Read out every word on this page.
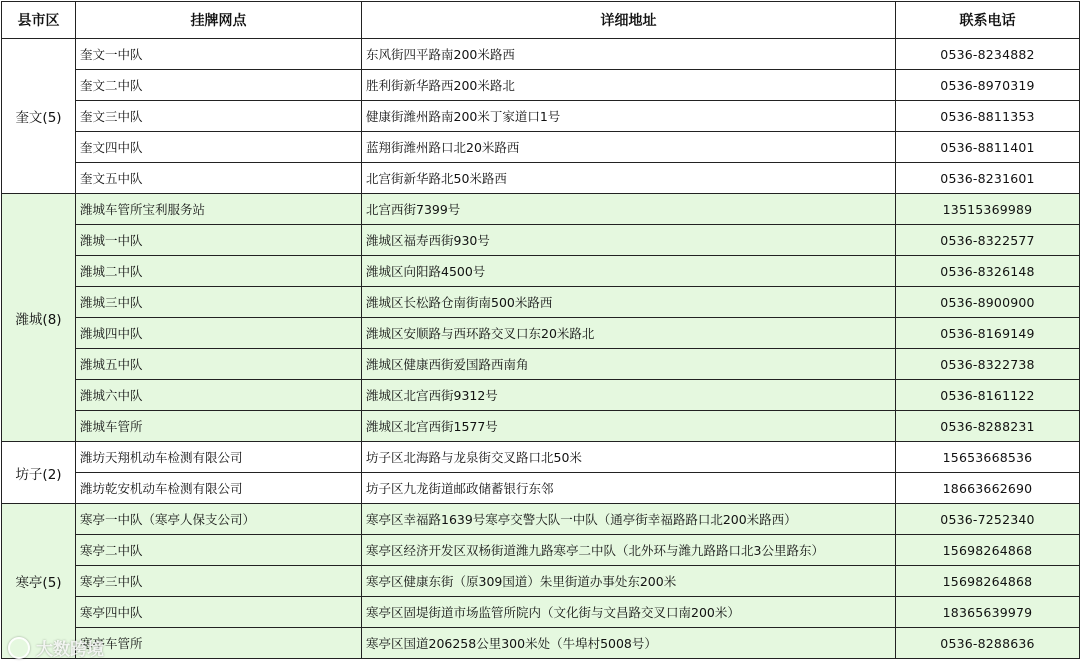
县市区	挂牌网点	详细地址	联系电话
奎文(5)	奎文一中队	东风街四平路南200米路西	0536-8234882
	奎文二中队	胜利街新华路西200米路北	0536-8970319
	奎文三中队	健康街潍州路南200米丁家道口1号	0536-8811353
	奎文四中队	蓝翔街潍州路口北20米路西	0536-8811401
	奎文五中队	北宫街新华路北50米路西	0536-8231601
潍城(8)	潍城车管所宝利服务站	北宫西街7399号	13515369989
	潍城一中队	潍城区福寿西街930号	0536-8322577
	潍城二中队	潍城区向阳路4500号	0536-8326148
	潍城三中队	潍城区长松路仓南街南500米路西	0536-8900900
	潍城四中队	潍城区安顺路与西环路交叉口东20米路北	0536-8169149
	潍城五中队	潍城区健康西街爱国路西南角	0536-8322738
	潍城六中队	潍城区北宫西街9312号	0536-8161122
	潍城车管所	潍城区北宫西街1577号	0536-8288231
坊子(2)	潍坊天翔机动车检测有限公司	坊子区北海路与龙泉街交叉路口北50米	15653668536
	潍坊乾安机动车检测有限公司	坊子区九龙街道邮政储蓄银行东邻	18663662690
寒亭(5)	寒亭一中队（寒亭人保支公司）	寒亭区幸福路1639号寒亭交警大队一中队（通亭街幸福路路口北200米路西）	0536-7252340
	寒亭二中队	寒亭区经济开发区双杨街道潍九路寒亭二中队（北外环与潍九路路口北3公里路东）	15698264868
	寒亭三中队	寒亭区健康东街（原309国道）朱里街道办事处东200米	15698264868
	寒亭四中队	寒亭区固堤街道市场监管所院内（文化街与文昌路交叉口南200米）	18365639979
	寒亭车管所	寒亭区国道206258公里300米处（牛埠村5008号）	0536-8288636
大数跨境
